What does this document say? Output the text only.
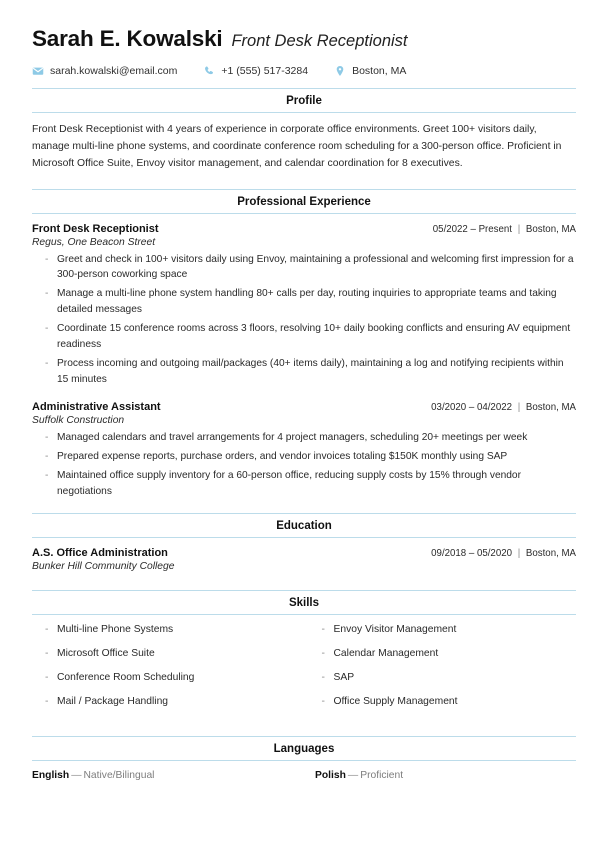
Sarah E. Kowalski Front Desk Receptionist
sarah.kowalski@email.com	+1 (555) 517-3284	Boston, MA
Profile

Front Desk Receptionist with 4 years of experience in corporate office environments. Greet 100+ visitors daily, manage multi-line phone systems, and coordinate conference room scheduling for a 300-person office. Proficient in Microsoft Office Suite, Envoy visitor management, and calendar coordination for 8 executives.

Professional Experience
Front Desk Receptionist	05/2022 – Present | Boston, MA
Regus, One Beacon Street
- Greet and check in 100+ visitors daily using Envoy, maintaining a professional and welcoming first impression for a 300-person coworking space
- Manage a multi-line phone system handling 80+ calls per day, routing inquiries to appropriate teams and taking detailed messages
- Coordinate 15 conference rooms across 3 floors, resolving 10+ daily booking conflicts and ensuring AV equipment readiness
- Process incoming and outgoing mail/packages (40+ items daily), maintaining a log and notifying recipients within 15 minutes
Administrative Assistant	03/2020 – 04/2022 | Boston, MA
Suffolk Construction
- Managed calendars and travel arrangements for 4 project managers, scheduling 20+ meetings per week
- Prepared expense reports, purchase orders, and vendor invoices totaling $150K monthly using SAP
- Maintained office supply inventory for a 60-person office, reducing supply costs by 15% through vendor negotiations
Education
A.S. Office Administration	09/2018 – 05/2020 | Boston, MA
Bunker Hill Community College
Skills
- Multi-line Phone Systems	- Envoy Visitor Management
- Microsoft Office Suite	- Calendar Management
- Conference Room Scheduling	- SAP
- Mail / Package Handling	- Office Supply Management
Languages
English — Native/Bilingual	Polish — Proficient
